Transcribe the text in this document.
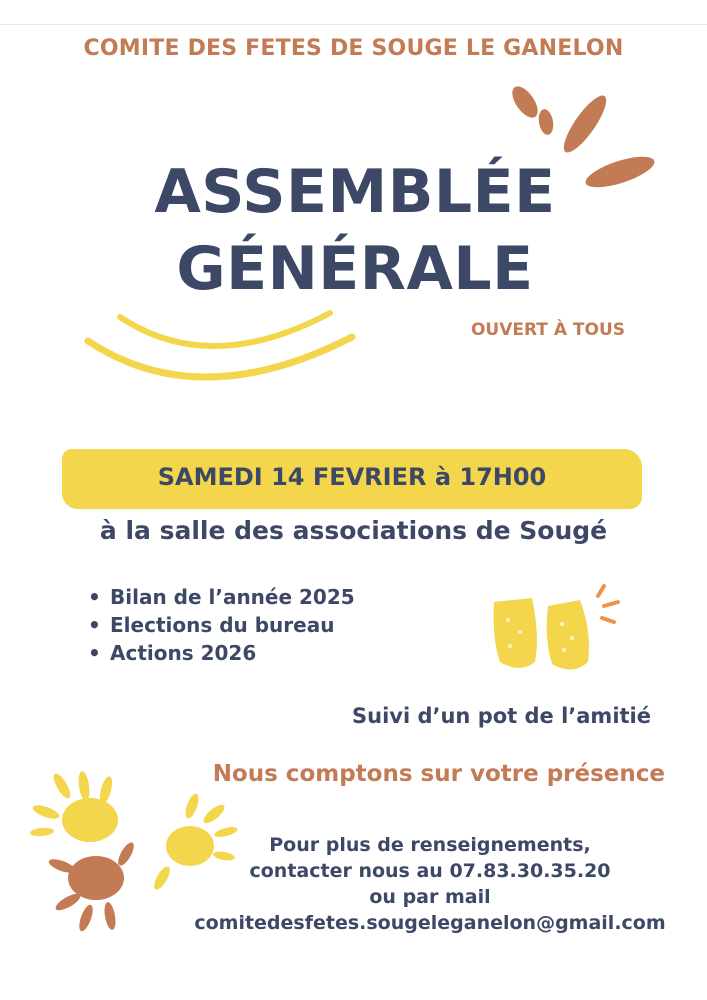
COMITE DES FETES DE SOUGE LE GANELON
ASSEMBLÉE
GÉNÉRALE
OUVERT À TOUS
SAMEDI 14 FEVRIER à 17H00
à la salle des associations de Sougé
• Bilan de l’année 2025
• Elections du bureau
• Actions 2026
Suivi d’un pot de l’amitié
Nous comptons sur votre présence
Pour plus de renseignements,
contacter nous au 07.83.30.35.20
ou par mail
comitedesfetes.sougeleganelon@gmail.com
